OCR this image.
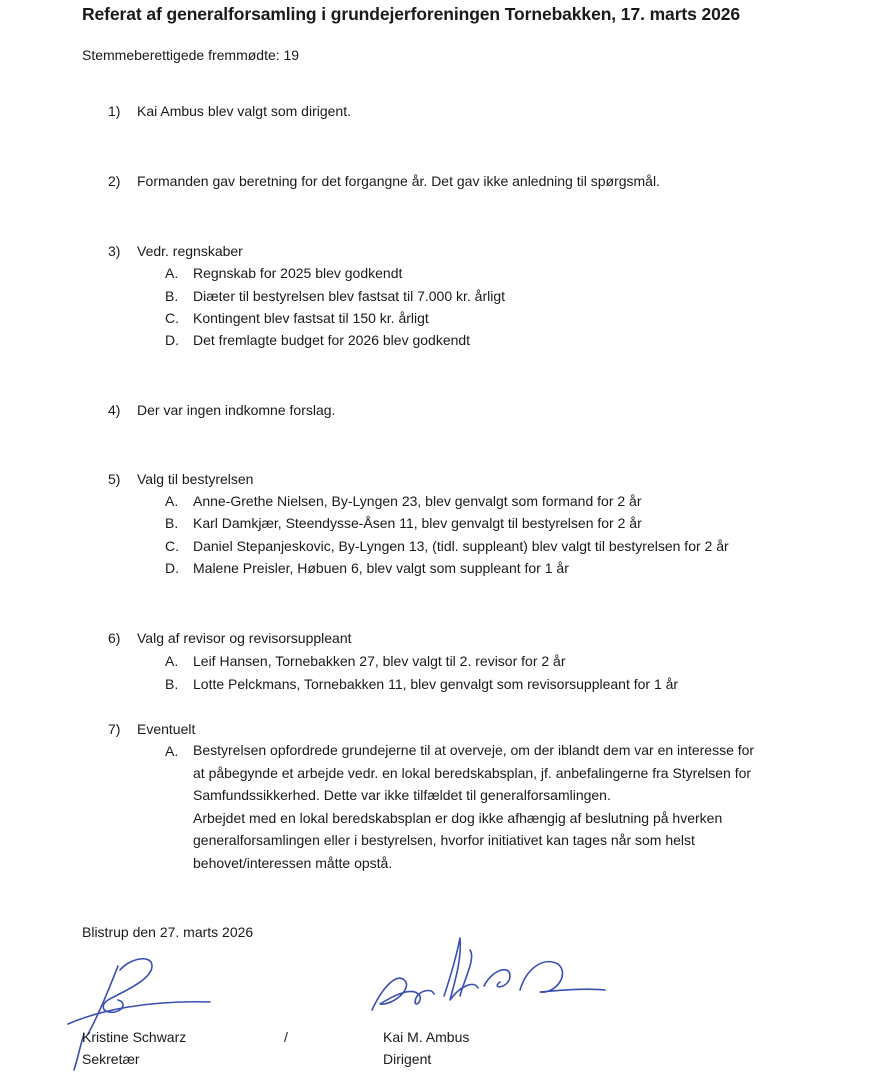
Referat af generalforsamling i grundejerforeningen Tornebakken, 17. marts 2026
Stemmeberettigede fremmødte: 19
1) Kai Ambus blev valgt som dirigent.
2) Formanden gav beretning for det forgangne år. Det gav ikke anledning til spørgsmål.
3) Vedr. regnskaber
A. Regnskab for 2025 blev godkendt
B. Diæter til bestyrelsen blev fastsat til 7.000 kr. årligt
C. Kontingent blev fastsat til 150 kr. årligt
D. Det fremlagte budget for 2026 blev godkendt
4) Der var ingen indkomne forslag.
5) Valg til bestyrelsen
A. Anne-Grethe Nielsen, By-Lyngen 23, blev genvalgt som formand for 2 år
B. Karl Damkjær, Steendysse-Åsen 11, blev genvalgt til bestyrelsen for 2 år
C. Daniel Stepanjeskovic, By-Lyngen 13, (tidl. suppleant) blev valgt til bestyrelsen for 2 år
D. Malene Preisler, Høbuen 6, blev valgt som suppleant for 1 år
6) Valg af revisor og revisorsuppleant
A. Leif Hansen, Tornebakken 27, blev valgt til 2. revisor for 2 år
B. Lotte Pelckmans, Tornebakken 11, blev genvalgt som revisorsuppleant for 1 år
7) Eventuelt
A.	Bestyrelsen opfordrede grundejerne til at overveje, om der iblandt dem var en interesse for
at påbegynde et arbejde vedr. en lokal beredskabsplan, jf. anbefalingerne fra Styrelsen for
Samfundssikkerhed. Dette var ikke tilfældet til generalforsamlingen.
Arbejdet med en lokal beredskabsplan er dog ikke afhængig af beslutning på hverken
generalforsamlingen eller i bestyrelsen, hvorfor initiativet kan tages når som helst
behovet/interessen måtte opstå.
Blistrup den 27. marts 2026
Kristine Schwarz
Sekretær
/	Kai M. Ambus
Dirigent
